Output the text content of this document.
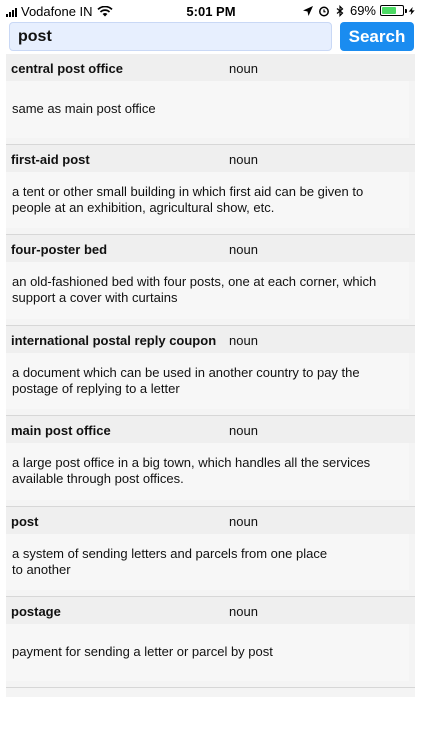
Vodafone IN	5:01 PM	69%
post
Search
central post office	noun
same as main post office
first-aid post	noun
a tent or other small building in which first aid can be given to people at an exhibition, agricultural show, etc.
four-poster bed	noun
an old-fashioned bed with four posts, one at each corner, which support a cover with curtains
international postal reply coupon noun
a document which can be used in another country to pay the postage of replying to a letter
main post office	noun
a large post office in a big town, which handles all the services available through post offices.
post	noun
a system of sending letters and parcels from one place
to another
postage	noun
payment for sending a letter or parcel by post
